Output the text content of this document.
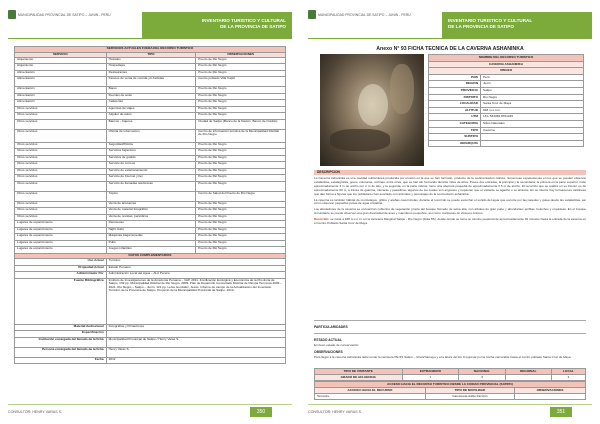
MUNICIPALIDAD PROVINCIAL DE SATIPO – JUNIN - PERU
INVENTARIO TURISTICO Y CULTURAL
DE LA PROVINCIA DE SATIPO
SERVICIOS ACTUALES FUERA DEL RECURSO TURISTICO		
SERVICIO	TIPO	OBSERVACIONES
Alojamiento	Hostales	Puerto de Rio Negro
Alojamiento	Hospedajes	Puerto de Rio Negro
Alimentación	Restaurantes	Puerto de Rio Negro
Alimentación	Kioscos de venta de comida y/o bebidas	Centro poblado Villa Capiri
Alimentación	Bares	Puerto de Rio Negro
Alimentación	Fuentes de soda	Puerto de Rio Negro
Alimentación	Cafeterías	Puerto de Rio Negro
Otros servicios	Agencias de viajes	Puerto de Rio Negro
Otros servicios	Alquiler de autos	Puerto de Rio Negro
Otros servicios	Bancos - Cajeros	Ciudad de Satipo (Banco de la Nación, Banco de Crédito)
Otros servicios	Oficina de información	Centro de información turística de la Municipalidad Distrital de Río Negro
Otros servicios	Seguridad/Policía	Puerto de Rio Negro
Otros servicios	Servicios higiénicos	Puerto de Rio Negro
Otros servicios	Servicios de guiado	Puerto de Rio Negro
Otros servicios	Servicio de correos	Puerto de Rio Negro
Otros servicios	Servicio de estacionamiento	Puerto de Rio Negro
Otros servicios	Servicio de Internet y fax	Puerto de Rio Negro
Otros servicios	Servicio de llamadas telefónicas	Puerto de Rio Negro
Otros servicios	Tópico	Centro de Salud del Puerto de Río Negro
Otros servicios	Venta de artesanías	Puerto de Rio Negro
Otros servicios	Venta de material fotográfico	Puerto de Rio Negro
Otros servicios	Venta de revistas, periódicos	Puerto de Rio Negro
Lugares de esparcimiento	Discotecas	Puerto de Rio Negro
Lugares de esparcimiento	Night clubs	Puerto de Rio Negro
Lugares de esparcimiento	Máquinas tragamonedas	Puerto de Rio Negro
Lugares de esparcimiento	Pubs	Puerto de Rio Negro
Lugares de esparcimiento	Juegos infantiles	Puerto de Rio Negro
DATOS COMPLEMENTARIOS		
Uso Actual	Turístico	
Propiedad Actual	Estado Peruano	
Administrador Por	Administración Local del Agua – ALA Perené	
Fuente Bibliográfica	Instituto de Investigaciones de la Amazonía Peruana – IIAP. 2011. Zonificación Ecológica y Económica de la Provincia de Satipo, 139 pp. Municipalidad Distrital de Rio Negro. 2009. Plan de Desarrollo Concertado Distrital de Pampa Hermosa 2009 – 2021. Río Negro – Satipo – Junín. 121 pp. Leiva González, Jesús. Informe de campo de la Actualización del Inventario Turístico de la Provincia de Satipo. Proyecto de la Municipalidad Provincial de Satipo. 2012.	
Material Audiovisual	Fotografías y Filmaciones	
Especificación		
Institución encargada del llenado de la ficha	Municipalidad Provincial de Satipo / Henry Varas S.	
Persona encargada del llenado de la ficha	Henry Varas S.	
Fecha	2012	
CONSULTOR: HENRY VARAS S.	350
MUNICIPALIDAD PROVINCIAL DE SATIPO – JUNIN - PERU
INVENTARIO TURISTICO Y CULTURAL
DE LA PROVINCIA DE SATIPO
Anexo N° 93 FICHA TECNICA DE LA CAVERNA ASHANINKA
NOMBRE DEL RECURSO TURISTICO	
CAVERNA ASHANINKA	
UBIGEO	
PAIS	Perú
REGION	Junín
PROVINCIA	Satipo
DISTRITO	Río Negro
LOCALIDAD	Santa Cruz de Maya
ALTITUD	948 m.s.n.m.
UTM	18 L 534469 8761249
CATEGORIA	Sitios Naturales
TIPO	Caverna
SUBTIPO	
JERARQUIA	
DESCRIPCION

La Caverna Ashaninka es una cavidad subterránea producida por erosión en la que se han formado, producto de la sedimentación cálcica, numerosas espeleotemas en los que se pueden observar estalactitas, estalagmitas, gours, columnas, cortinas, entre otras, que se han ido formando durante miles de años. Posee dos entradas, la principal y la secundaria; la primera en la parte superior, mide aproximadamente 3 m de ancho por 2 m de alto, y la segunda, en la parte inferior, tiene una abertura pequeña de aproximadamente 0.5 m de ancho. El recorrido que se realiza en su interior es de aproximadamente 80 m, a través de galerías, cámaras y pasadizos, algunos de los cuales son angostos y requieren que el visitante se agache o se arrastre. En su interior hay formaciones calcáreas que dan forma a figuras que los pobladores han asociado con animales y personajes de la cosmovisión asháninka.

La caverna es también hábitat de murciélagos, grillos y arañas cavernícolas; durante el recorrido se puede escuchar el sonido del agua que escurre por las paredes y gotea desde las estalactitas, así como observar pequeñas pozas de agua cristalina.

Los alrededores de la caverna se encuentran cubiertos de vegetación propia del bosque húmedo de selva alta, con árboles de gran porte y abundantes epífitas, helechos y orquídeas. En el bosque circundante se puede observar una gran diversidad de aves y mamíferos pequeños, así como mariposas de vistosos colores.

Recorrido: se inicia a 948 m.s.n.m. en la carretera Marginal Satipo - Río Negro (Ruta 5S), desde donde se toma un camino peatonal de aproximadamente 30 minutos hasta la entrada de la caverna en el Centro Poblado Santa Cruz de Maya.

PARTICULARIDADES
ESTADO ACTUAL
En buen estado de conservación.
OBSERVACIONES
Para llegar a la caverna Ashaninka debe tomar la carretera PE-5S Satipo – Chanchamayo y a la altura del km 9 ingresar por la trocha carrozable hasta el centro poblado Santa Cruz de Maya.
TIPO DE VISITANTE	EXTRANJERO	NACIONAL	REGIONAL	LOCAL
GRADO DE AFLUENCIA	1	3		4
ACCESO HACIA EL RECURSO TURISTICO DESDE LA CIUDAD PROVINCIAL (SATIPO)		
ACCESO HACIA EL RECURSO	TIPO DE MOVILIDAD	OBSERVACIONES
Terrestre	Camioneta doble tracción	
CONSULTOR: HENRY VARAS S.	351
